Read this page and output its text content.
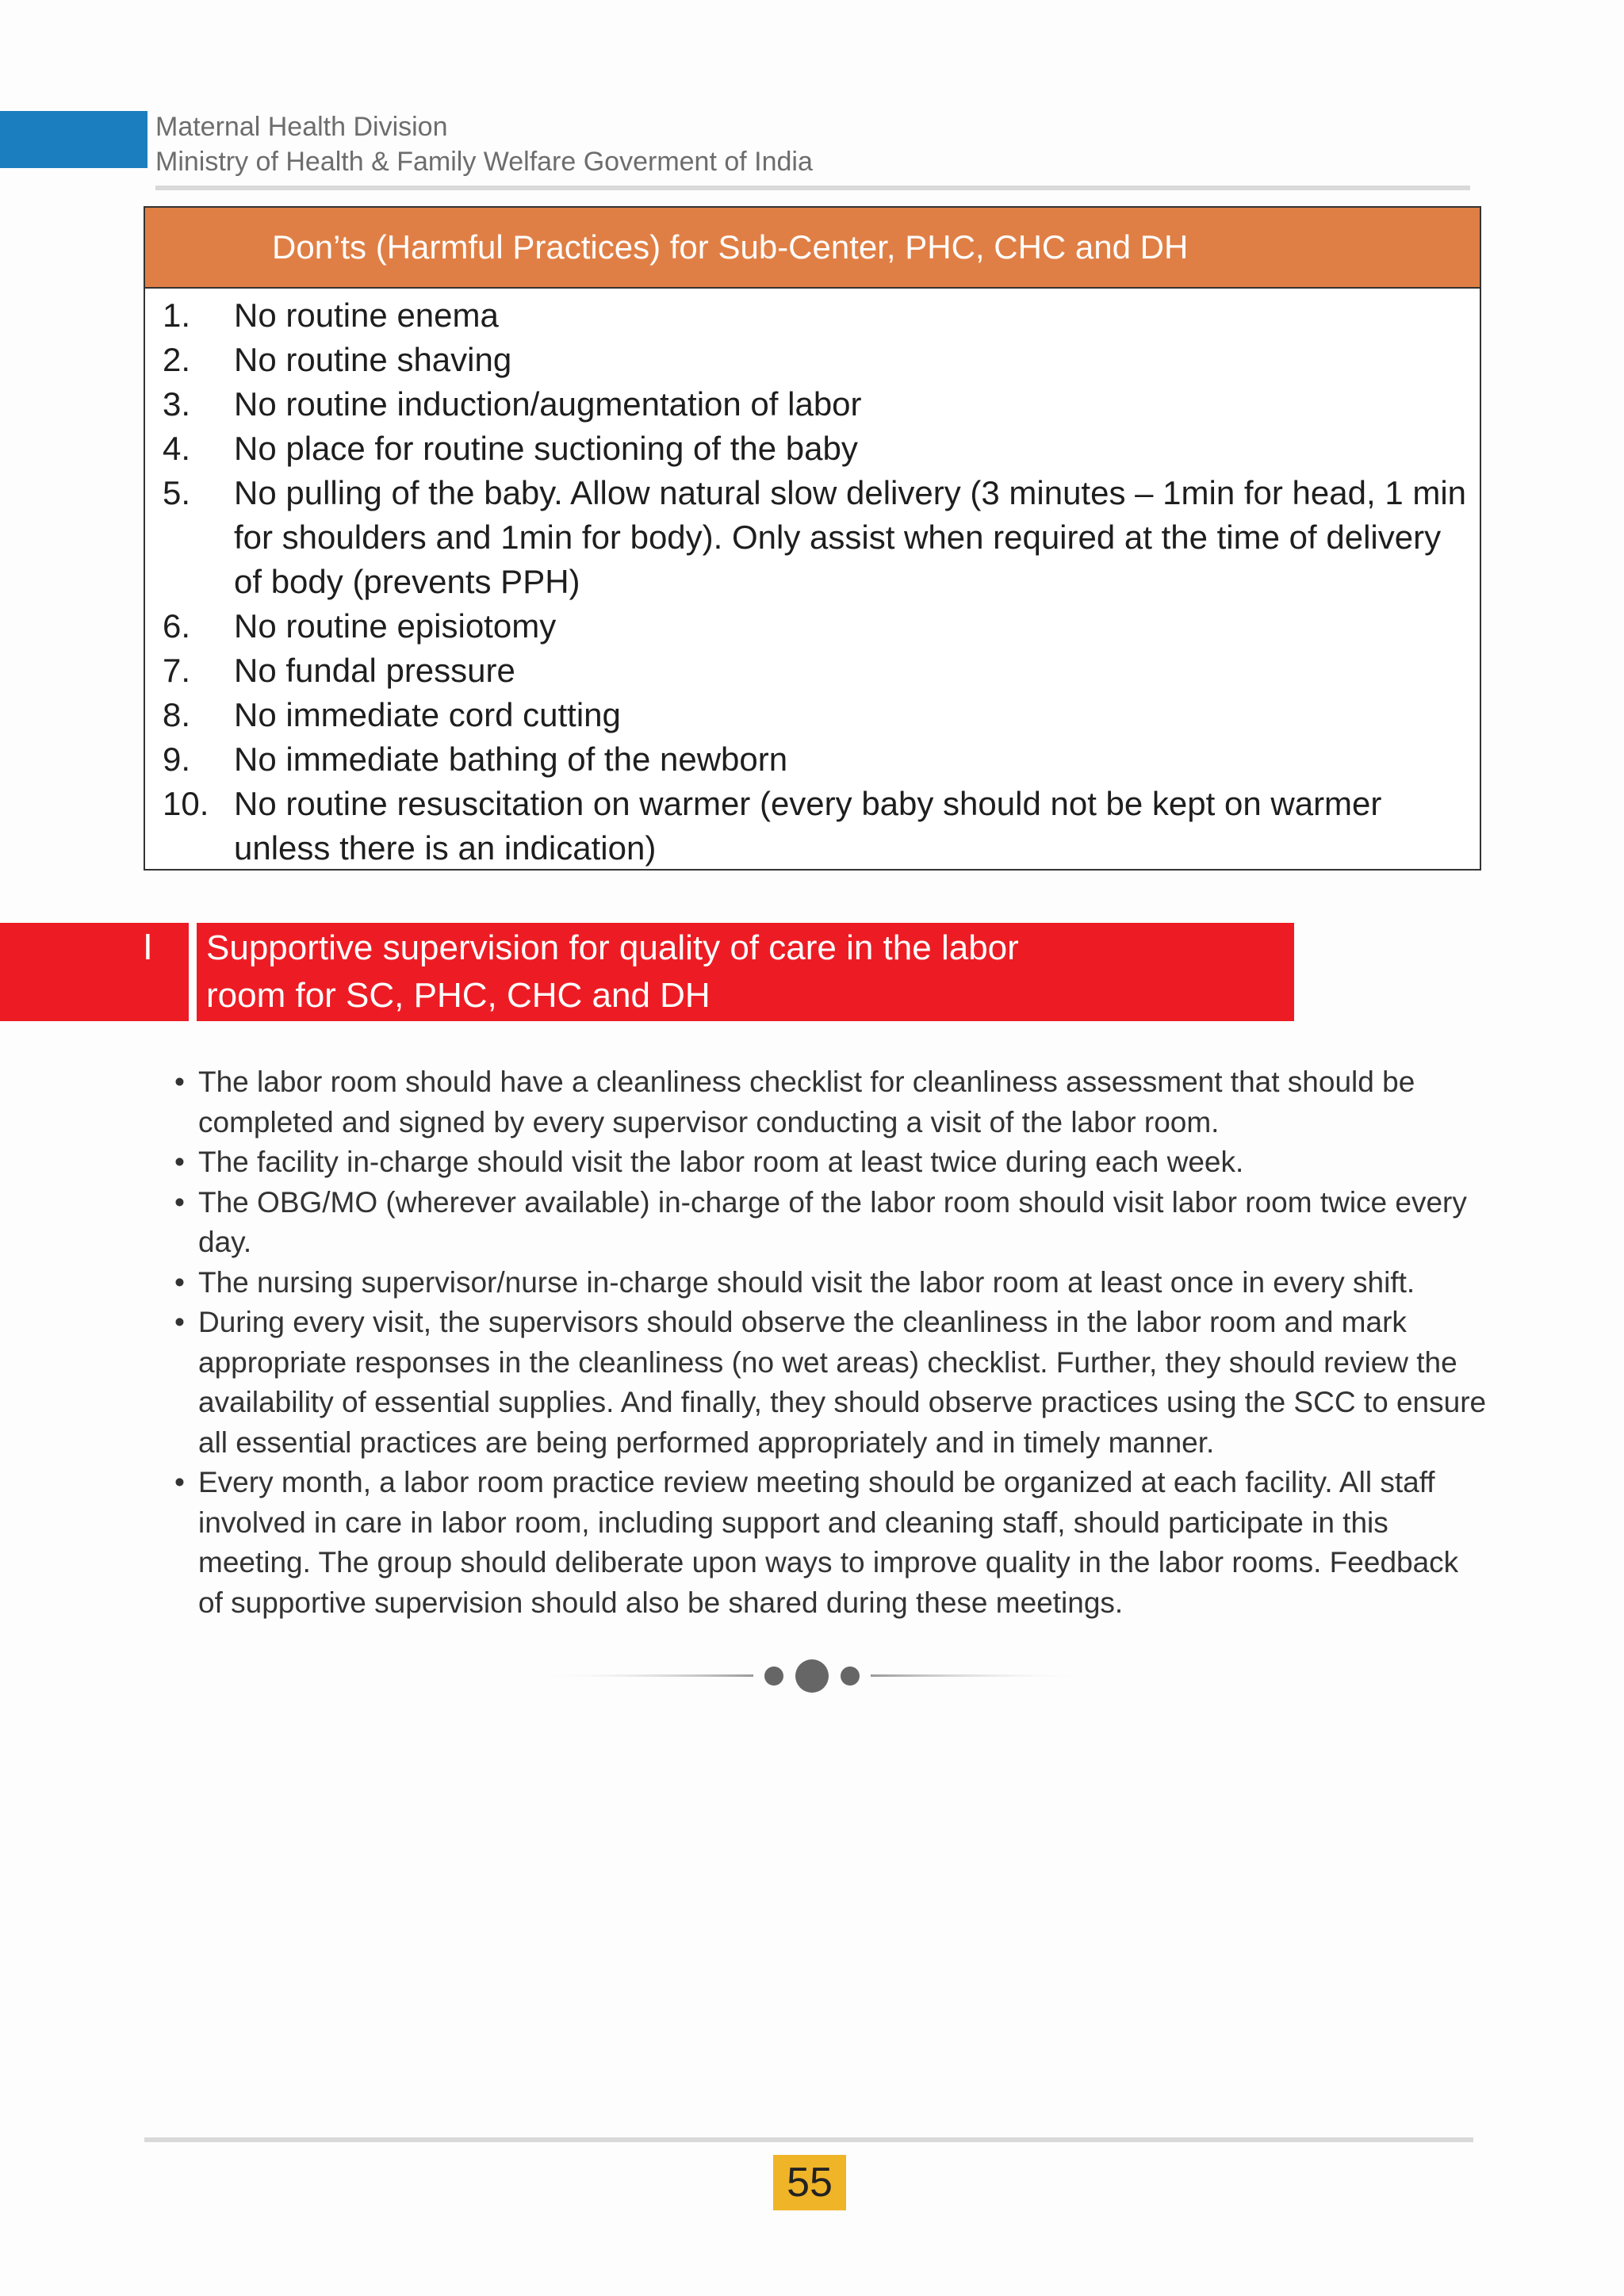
Maternal Health Division
Ministry of Health & Family Welfare Goverment of India
Don’ts (Harmful Practices) for Sub-Center, PHC, CHC and DH
1.	No routine enema
2.	No routine shaving
3.	No routine induction/augmentation of labor
4.	No place for routine suctioning of the baby
5.	No pulling of the baby. Allow natural slow delivery (3 minutes – 1min for head, 1 min for shoulders and 1min for body). Only assist when required at the time of delivery of body (prevents PPH)
6.	No routine episiotomy
7.	No fundal pressure
8.	No immediate cord cutting
9.	No immediate bathing of the newborn
10. No routine resuscitation on warmer (every baby should not be kept on warmer unless there is an indication)
I Supportive supervision for quality of care in the labor room for SC, PHC, CHC and DH
• The labor room should have a cleanliness checklist for cleanliness assessment that should be completed and signed by every supervisor conducting a visit of the labor room.
• The facility in-charge should visit the labor room at least twice during each week.
• The OBG/MO (wherever available) in-charge of the labor room should visit labor room twice every day.
• The nursing supervisor/nurse in-charge should visit the labor room at least once in every shift.
• During every visit, the supervisors should observe the cleanliness in the labor room and mark appropriate responses in the cleanliness (no wet areas) checklist. Further, they should review the availability of essential supplies. And finally, they should observe practices using the SCC to ensure all essential practices are being performed appropriately and in timely manner.
• Every month, a labor room practice review meeting should be organized at each facility. All staff involved in care in labor room, including support and cleaning staff, should participate in this meeting. The group should deliberate upon ways to improve quality in the labor rooms. Feedback of supportive supervision should also be shared during these meetings.
55
